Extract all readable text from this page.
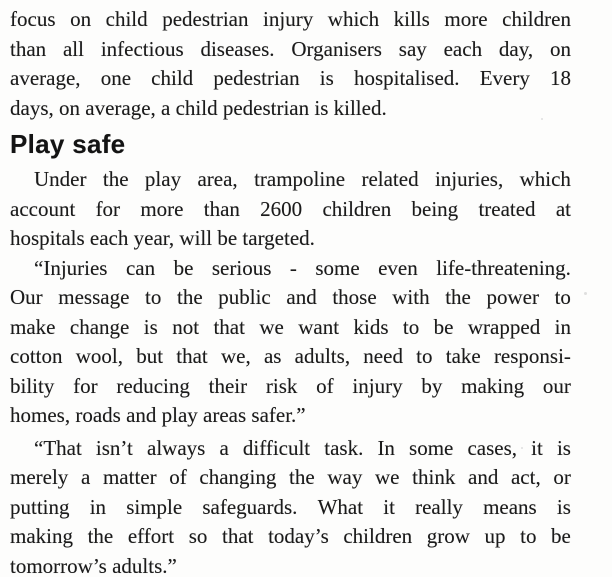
focus on child pedestrian injury which kills more children
than all infectious diseases. Organisers say each day, on
average, one child pedestrian is hospitalised. Every 18
days, on average, a child pedestrian is killed.
Play safe
Under the play area, trampoline related injuries, which
account for more than 2600 children being treated at
hospitals each year, will be targeted.
“Injuries can be serious - some even life-threatening.
Our message to the public and those with the power to
make change is not that we want kids to be wrapped in
cotton wool, but that we, as adults, need to take responsi-
bility for reducing their risk of injury by making our
homes, roads and play areas safer.”
“That isn’t always a difficult task. In some cases, it is
merely a matter of changing the way we think and act, or
putting in simple safeguards. What it really means is
making the effort so that today’s children grow up to be
tomorrow’s adults.”
